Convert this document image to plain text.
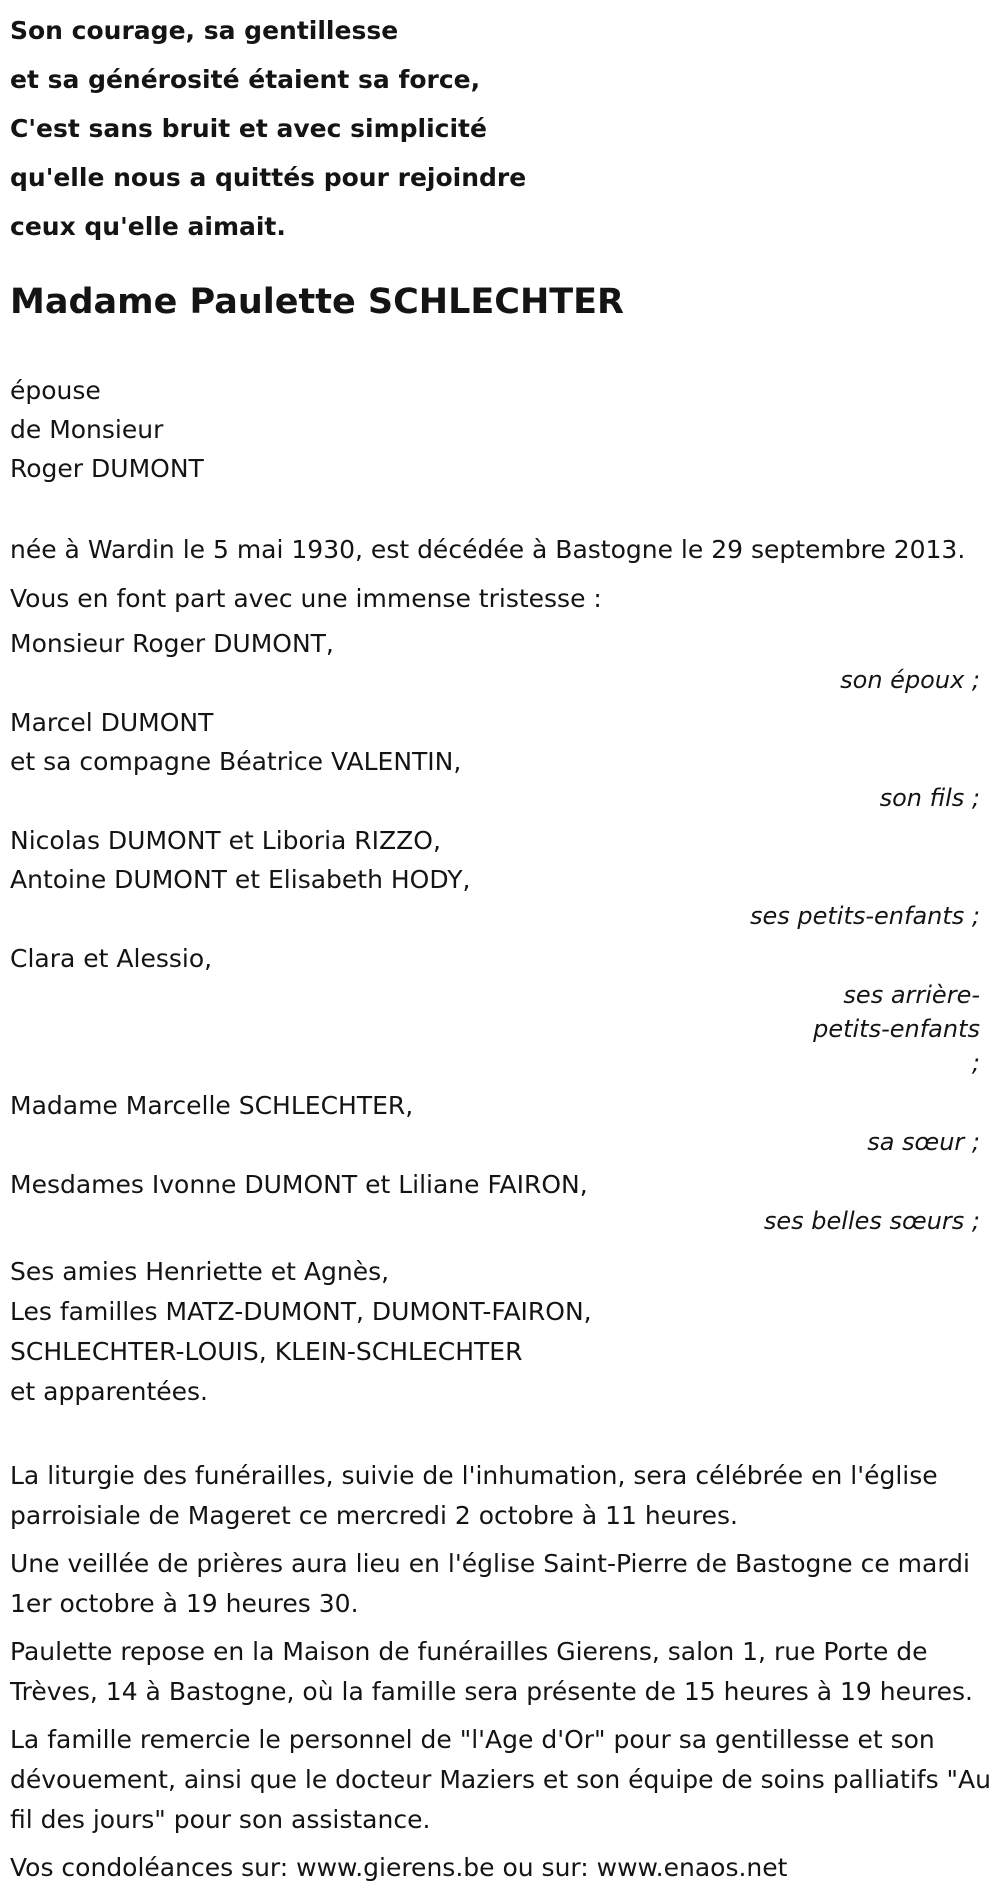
Son courage, sa gentillesse

et sa générosité étaient sa force,

C'est sans bruit et avec simplicité

qu'elle nous a quittés pour rejoindre

ceux qu'elle aimait.

Madame Paulette SCHLECHTER
épouse
de Monsieur
Roger DUMONT
née à Wardin le 5 mai 1930, est décédée à Bastogne le 29 septembre 2013.
Vous en font part avec une immense tristesse :
Monsieur Roger DUMONT,
son époux ;
Marcel DUMONT
et sa compagne Béatrice VALENTIN,
son fils ;
Nicolas DUMONT et Liboria RIZZO,
Antoine DUMONT et Elisabeth HODY,
ses petits-enfants ;
Clara et Alessio,
ses arrière-petits-enfants ;
Madame Marcelle SCHLECHTER,
sa sœur ;
Mesdames Ivonne DUMONT et Liliane FAIRON,
ses belles sœurs ;
Ses amies Henriette et Agnès,
Les familles MATZ-DUMONT, DUMONT-FAIRON,
SCHLECHTER-LOUIS, KLEIN-SCHLECHTER
et apparentées.

La liturgie des funérailles, suivie de l'inhumation, sera célébrée en l'église parroisiale de Mageret ce mercredi 2 octobre à 11 heures.

Une veillée de prières aura lieu en l'église Saint-Pierre de Bastogne ce mardi 1er octobre à 19 heures 30.

Paulette repose en la Maison de funérailles Gierens, salon 1, rue Porte de Trèves, 14 à Bastogne, où la famille sera présente de 15 heures à 19 heures.

La famille remercie le personnel de "l'Age d'Or" pour sa gentillesse et son dévouement, ainsi que le docteur Maziers et son équipe de soins palliatifs "Au fil des jours" pour son assistance.

Vos condoléances sur: www.gierens.be ou sur: www.enaos.net
